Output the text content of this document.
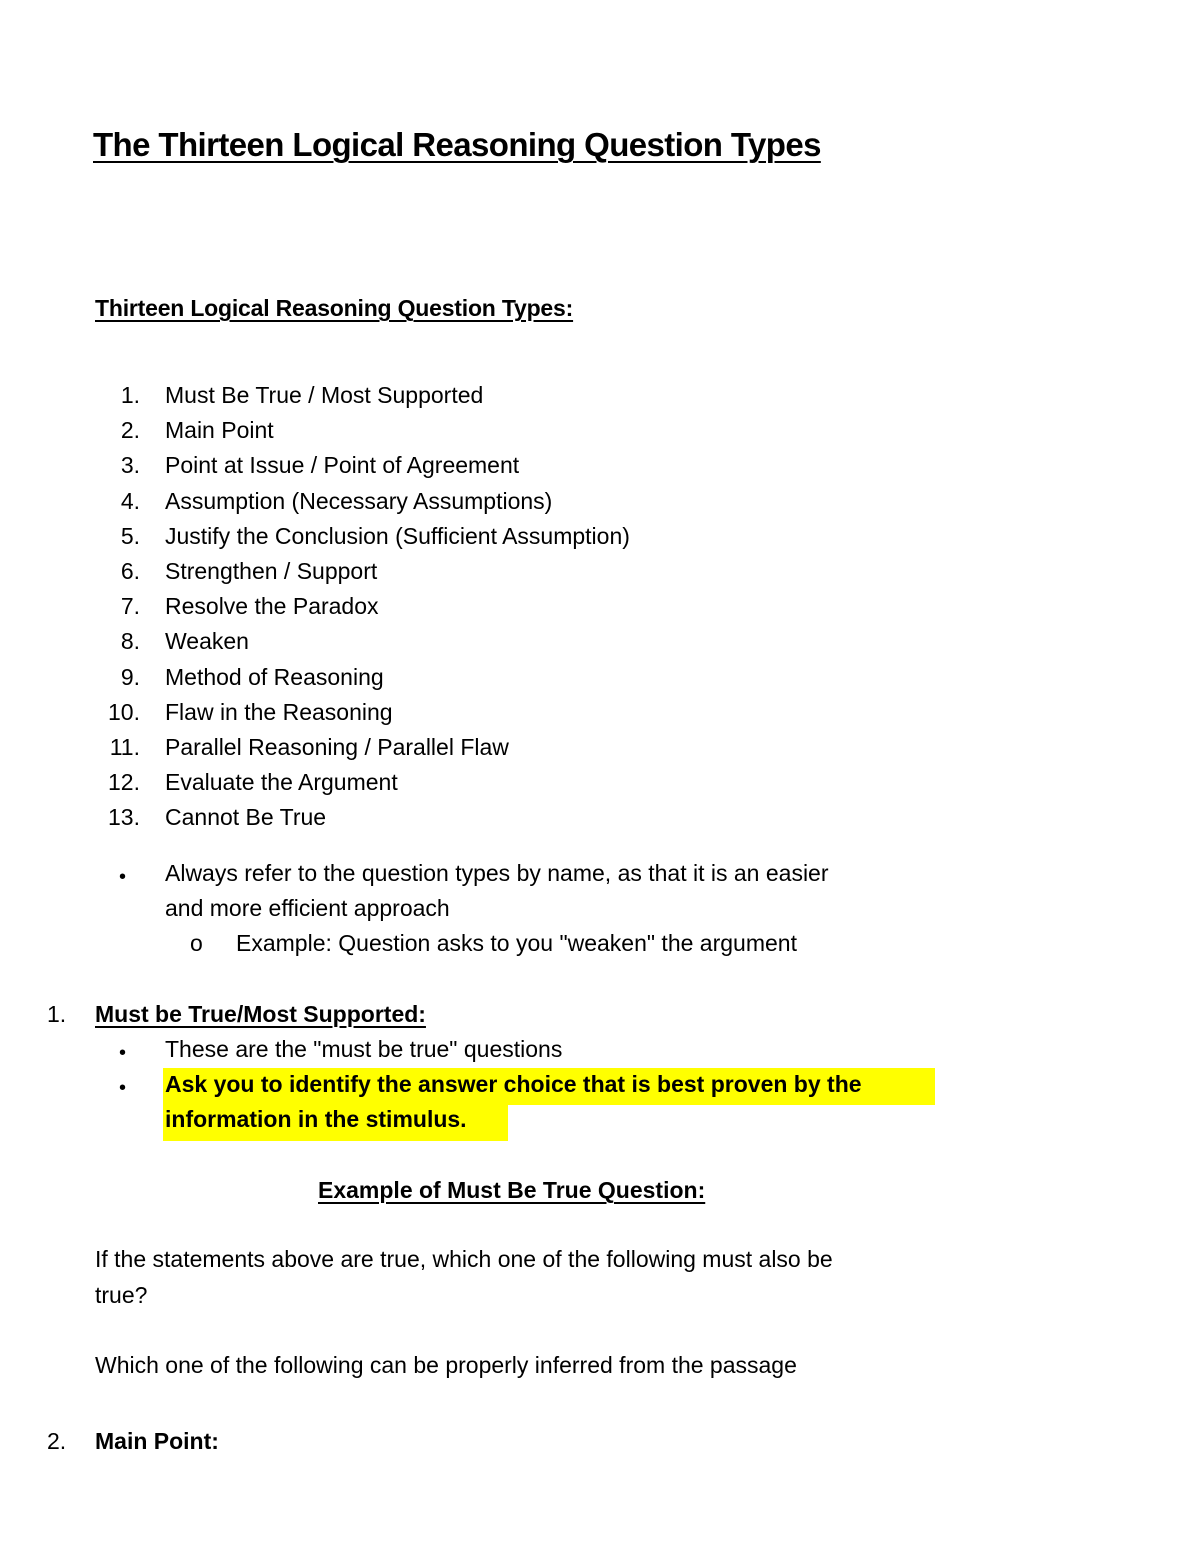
The Thirteen Logical Reasoning Question Types
Thirteen Logical Reasoning Question Types:
1. Must Be True / Most Supported
2. Main Point
3. Point at Issue / Point of Agreement
4. Assumption (Necessary Assumptions)
5. Justify the Conclusion (Sufficient Assumption)
6. Strengthen / Support
7. Resolve the Paradox
8. Weaken
9. Method of Reasoning
10. Flaw in the Reasoning
11. Parallel Reasoning / Parallel Flaw
12. Evaluate the Argument
13. Cannot Be True
• Always refer to the question types by name, as that it is an easier
and more efficient approach
o Example: Question asks to you "weaken" the argument
1. Must be True/Most Supported:
• These are the "must be true" questions
• Ask you to identify the answer choice that is best proven by the
information in the stimulus.
Example of Must Be True Question:
If the statements above are true, which one of the following must also be
true?
Which one of the following can be properly inferred from the passage
2. Main Point:
